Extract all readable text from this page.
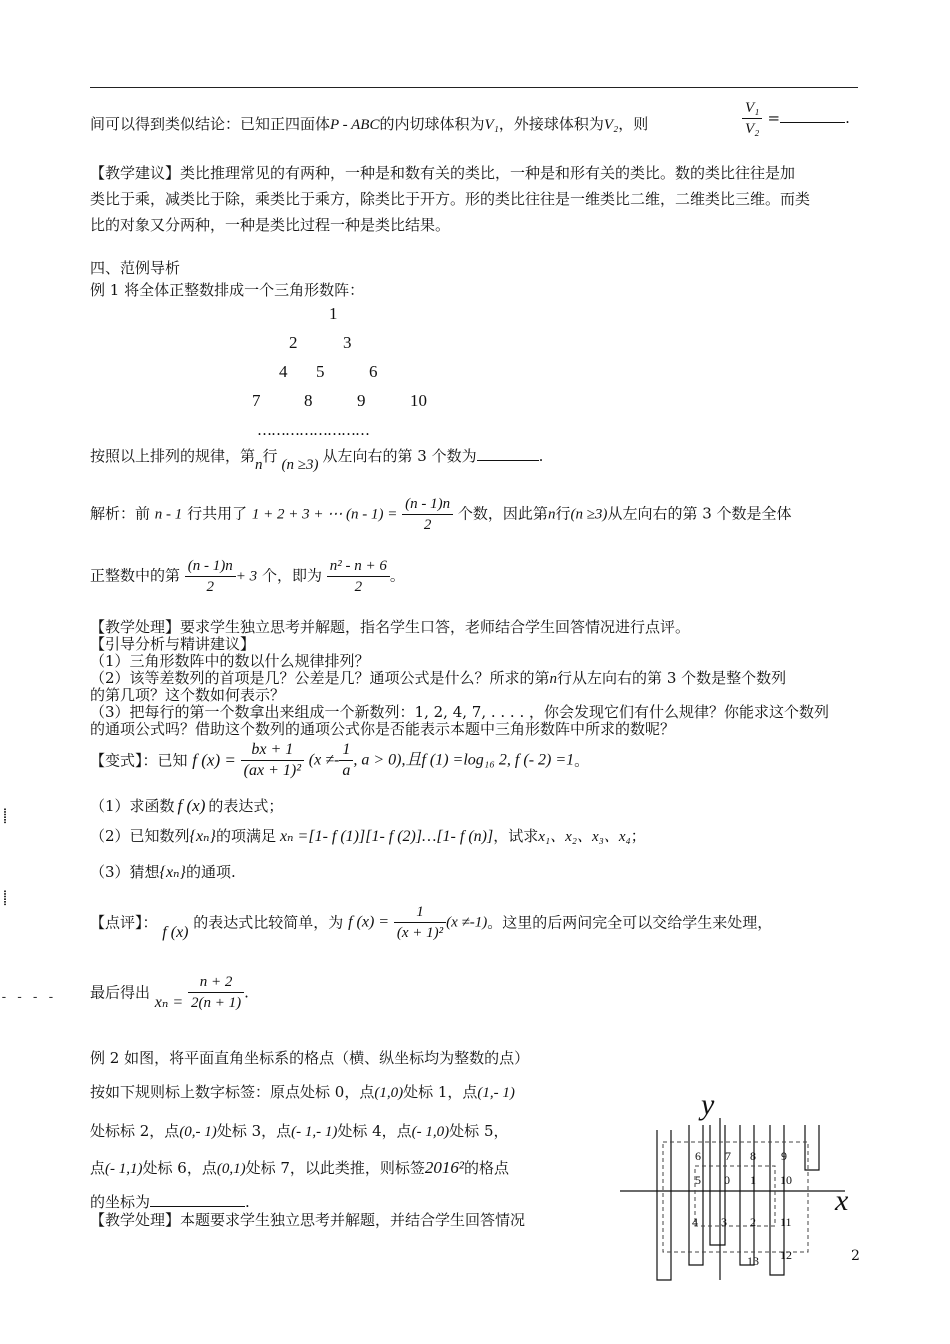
间可以得到类似结论：已知正四面体P - ABC的内切球体积为V₁，外接球体积为V₂，则	$\frac{\text{V₁}}{\text{V₂}}$ =	.
【教学建议】类比推理常见的有两种，一种是和数有关的类比，一种是和形有关的类比。数的类比往往是加
类比于乘，减类比于除，乘类比于乘方，除类比于开方。形的类比往往是一维类比二维，二维类比三维。而类
比的对象又分两种，一种是类比过程一种是类比结果。
四、范例导析
例 1 将全体正整数排成一个三角形数阵：
1
2	3
4 5	6
7	8	9	10
……………………
按照以上排列的规律，第n行 (n ≥3) 从左向右的第 3 个数为	.
解析：前 n - 1 行共用了 1 + 2 + 3 + ⋯ $(n - 1) = \frac{(n - 1)n}{2}$ 个数，因此第n行(n ≥3)从左向右的第 3 个数是全体
正整数中的第 $\frac{(n - 1)n}{2} + 3$ 个，即为 $\frac{\text{n² - n + 6}}{2}$ 。
【教学处理】要求学生独立思考并解题，指名学生口答，老师结合学生回答情况进行点评。
【引导分析与精讲建议】
（1）三角形数阵中的数以什么规律排列？
（2）该等差数列的首项是几？公差是几？通项公式是什么？所求的第n行从左向右的第 3 个数是整个数列
的第几项？这个数如何表示？
（3）把每行的第一个数拿出来组成一个新数列：1, 2, 4, 7, . . . . ，你会发现它们有什么规律？你能求这个数列
的通项公式吗？借助这个数列的通项公式你是否能表示本题中三角形数阵中所求的数呢？
【变式】：已知 f $(x) = \frac{bx + 1}{\text{(ax + 1)²}} (x \ne- \frac{1}{a}$ , a > 0),且f (1) =log₁₆ 2, f (- 2) =1。
（1）求函数 f (x) 的表达式；
（2）已知数列{xₙ}的项满足 xₙ =[1- f (1)][1- f (2)]…[1- f (n)]，试求x₁、x₂、x₃、x₄；
（3）猜想{xₙ}的通项.
【点评】： f (x) 的表达式比较简单，为 f $(x) = \frac{1}{\text{(x + 1)²}} (x \ne-1)$。这里的后两问完全可以交给学生来处理，
最后得出 $x_n = \frac{n + 2}{2(n + 1)}$ .
例 2 如图，将平面直角坐标系的格点（横、纵坐标均为整数的点）
按如下规则标上数字标签：原点处标 0，点(1,0)处标 1，点(1,- 1)
处标标 2，点(0,- 1)处标 3，点(- 1,- 1)处标 4，点(- 1,0)处标 5，
点(- 1,1)处标 6，点(0,1)处标 7，以此类推，则标签2016²的格点
的坐标为	.
【教学处理】本题要求学生独立思考并解题，并结合学生回答情况
6 7 8 9
5 0 1 10
4 3 2 11
13 12
y
x
2
……
……
- - - -
